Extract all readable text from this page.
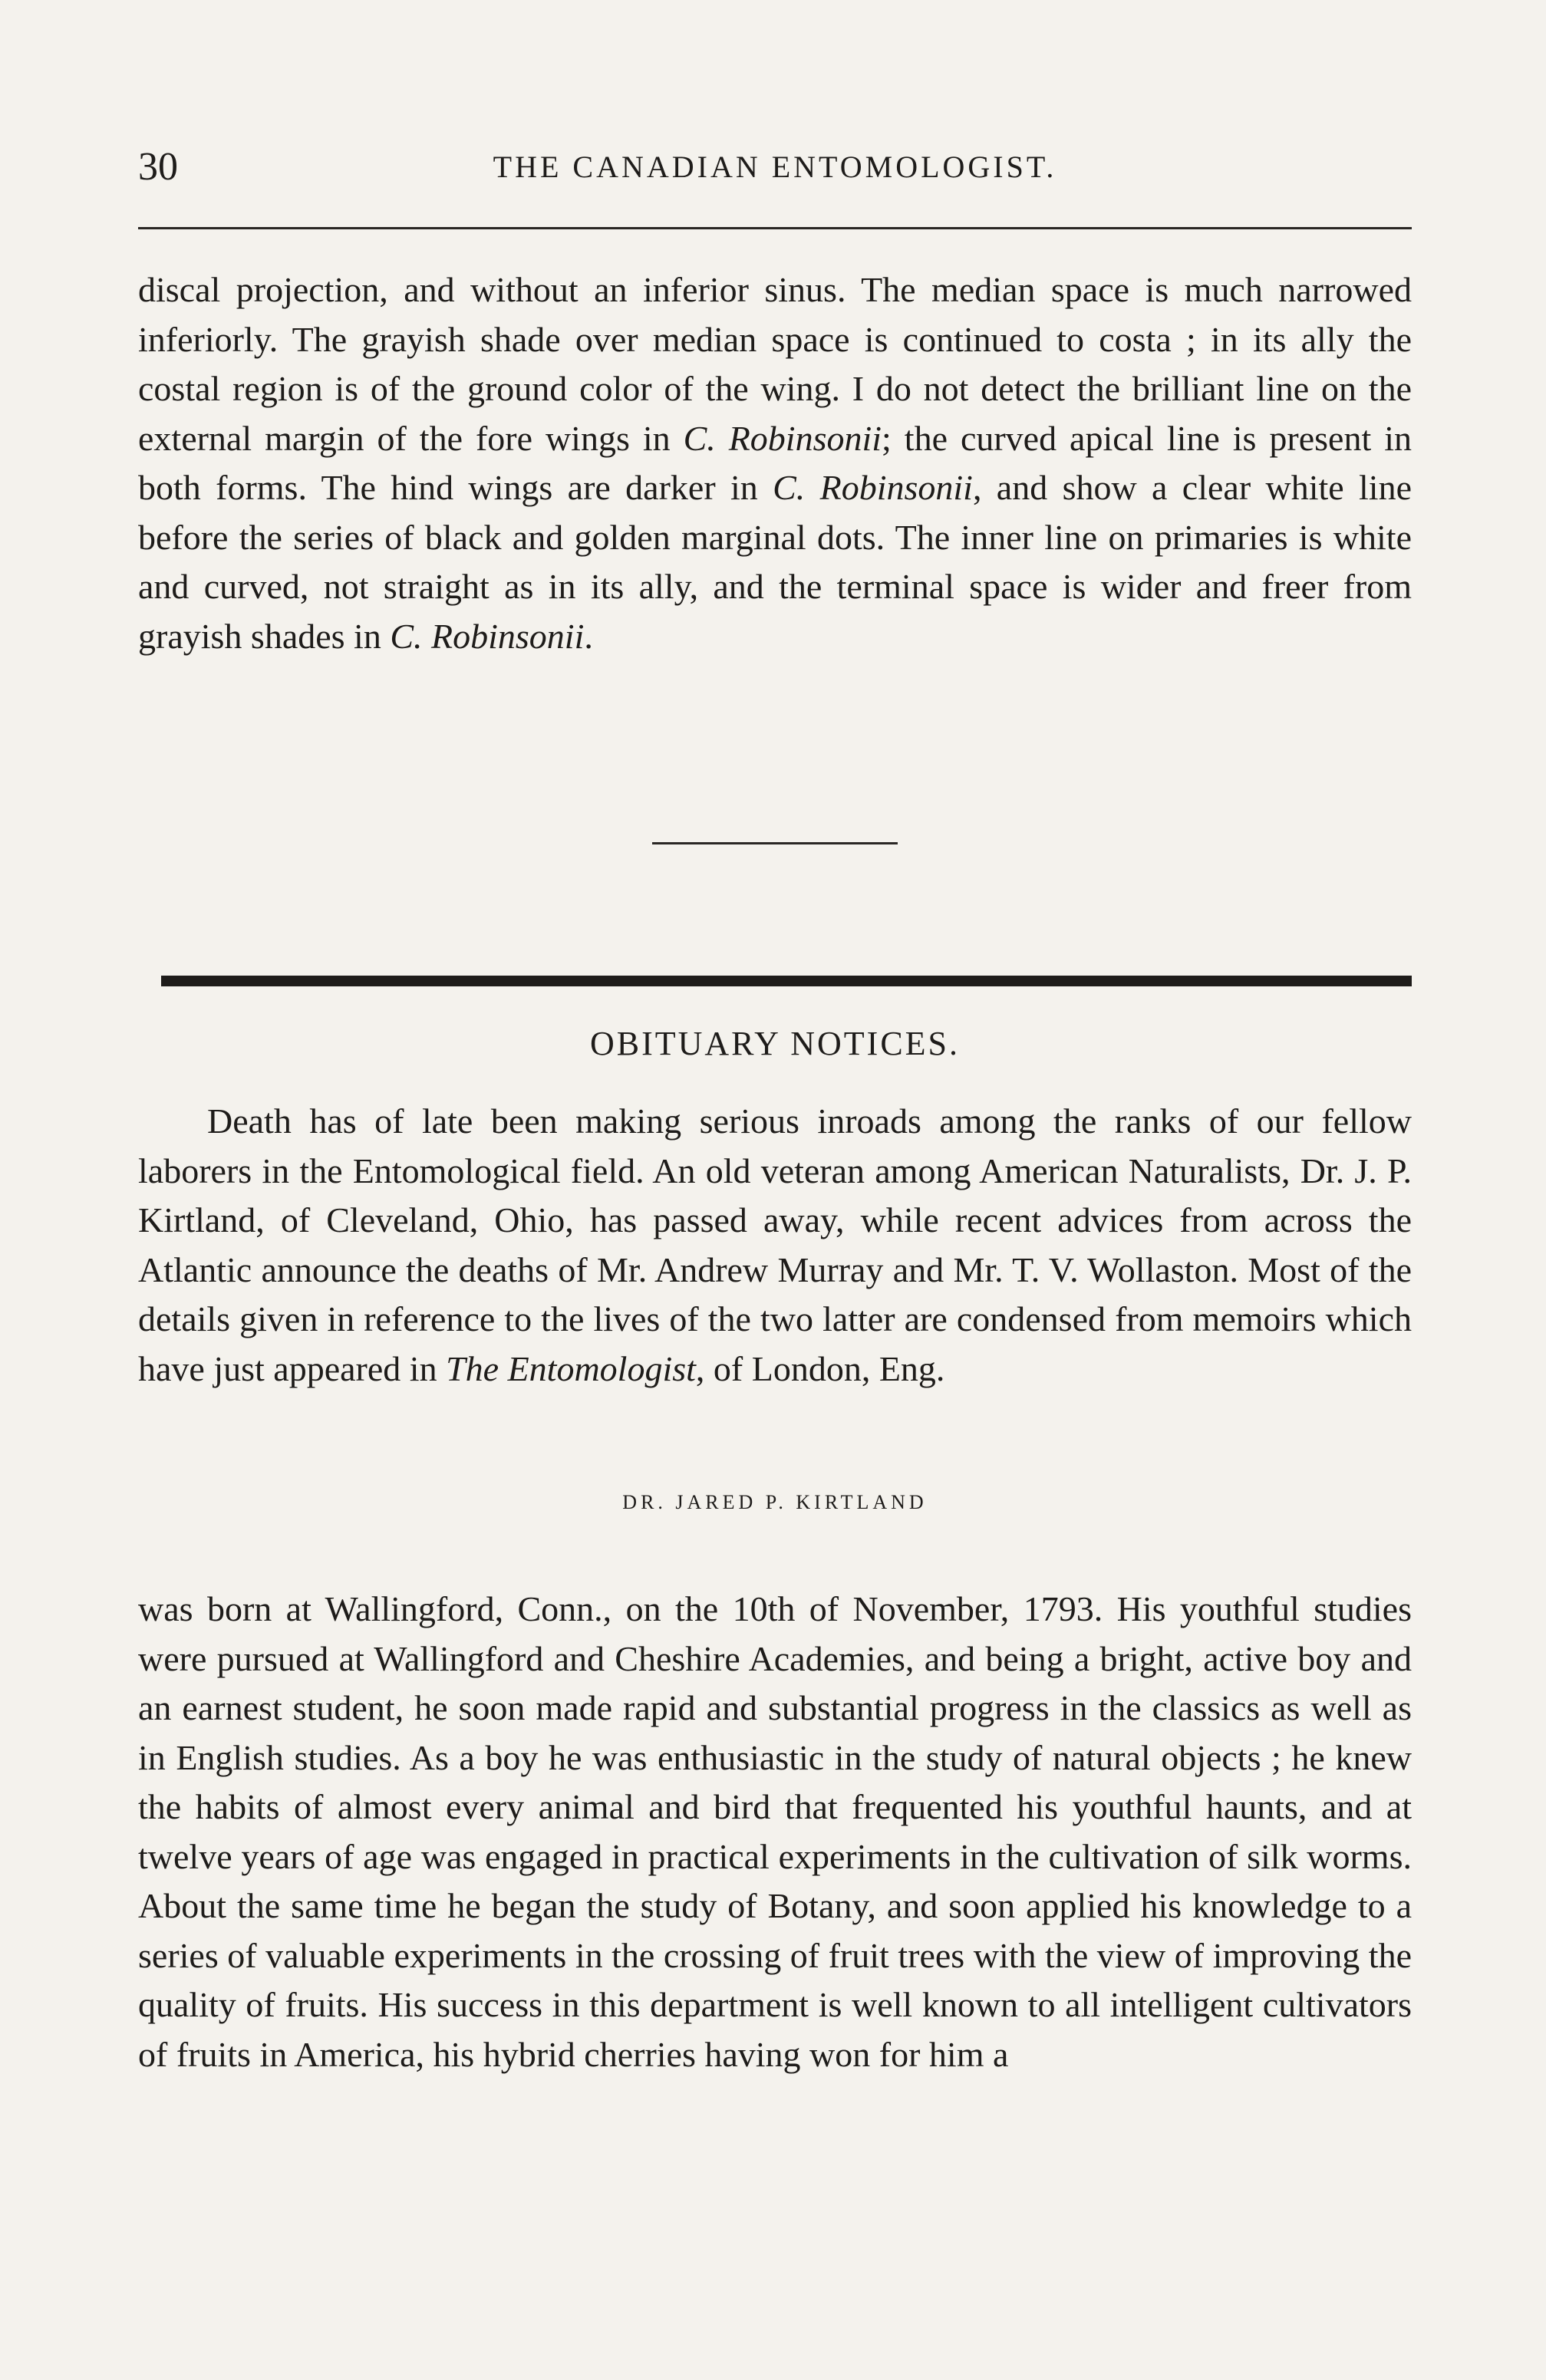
30	THE CANADIAN ENTOMOLOGIST.

discal projection, and without an inferior sinus. The median space is much narrowed inferiorly. The grayish shade over median space is continued to costa ; in its ally the costal region is of the ground color of the wing. I do not detect the brilliant line on the external margin of the fore wings in C. Robinsonii; the curved apical line is present in both forms. The hind wings are darker in C. Robinsonii, and show a clear white line before the series of black and golden marginal dots. The inner line on primaries is white and curved, not straight as in its ally, and the terminal space is wider and freer from grayish shades in C. Robinsonii.

OBITUARY NOTICES.

Death has of late been making serious inroads among the ranks of our fellow laborers in the Entomological field. An old veteran among American Naturalists, Dr. J. P. Kirtland, of Cleveland, Ohio, has passed away, while recent advices from across the Atlantic announce the deaths of Mr. Andrew Murray and Mr. T. V. Wollaston. Most of the details given in reference to the lives of the two latter are condensed from memoirs which have just appeared in The Entomologist, of London, Eng.

DR. JARED P. KIRTLAND

was born at Wallingford, Conn., on the 10th of November, 1793. His youthful studies were pursued at Wallingford and Cheshire Academies, and being a bright, active boy and an earnest student, he soon made rapid and substantial progress in the classics as well as in English studies. As a boy he was enthusiastic in the study of natural objects ; he knew the habits of almost every animal and bird that frequented his youthful haunts, and at twelve years of age was engaged in practical experiments in the cultivation of silk worms. About the same time he began the study of Botany, and soon applied his knowledge to a series of valuable experiments in the crossing of fruit trees with the view of improving the quality of fruits. His success in this department is well known to all intelligent cultivators of fruits in America, his hybrid cherries having won for him a
